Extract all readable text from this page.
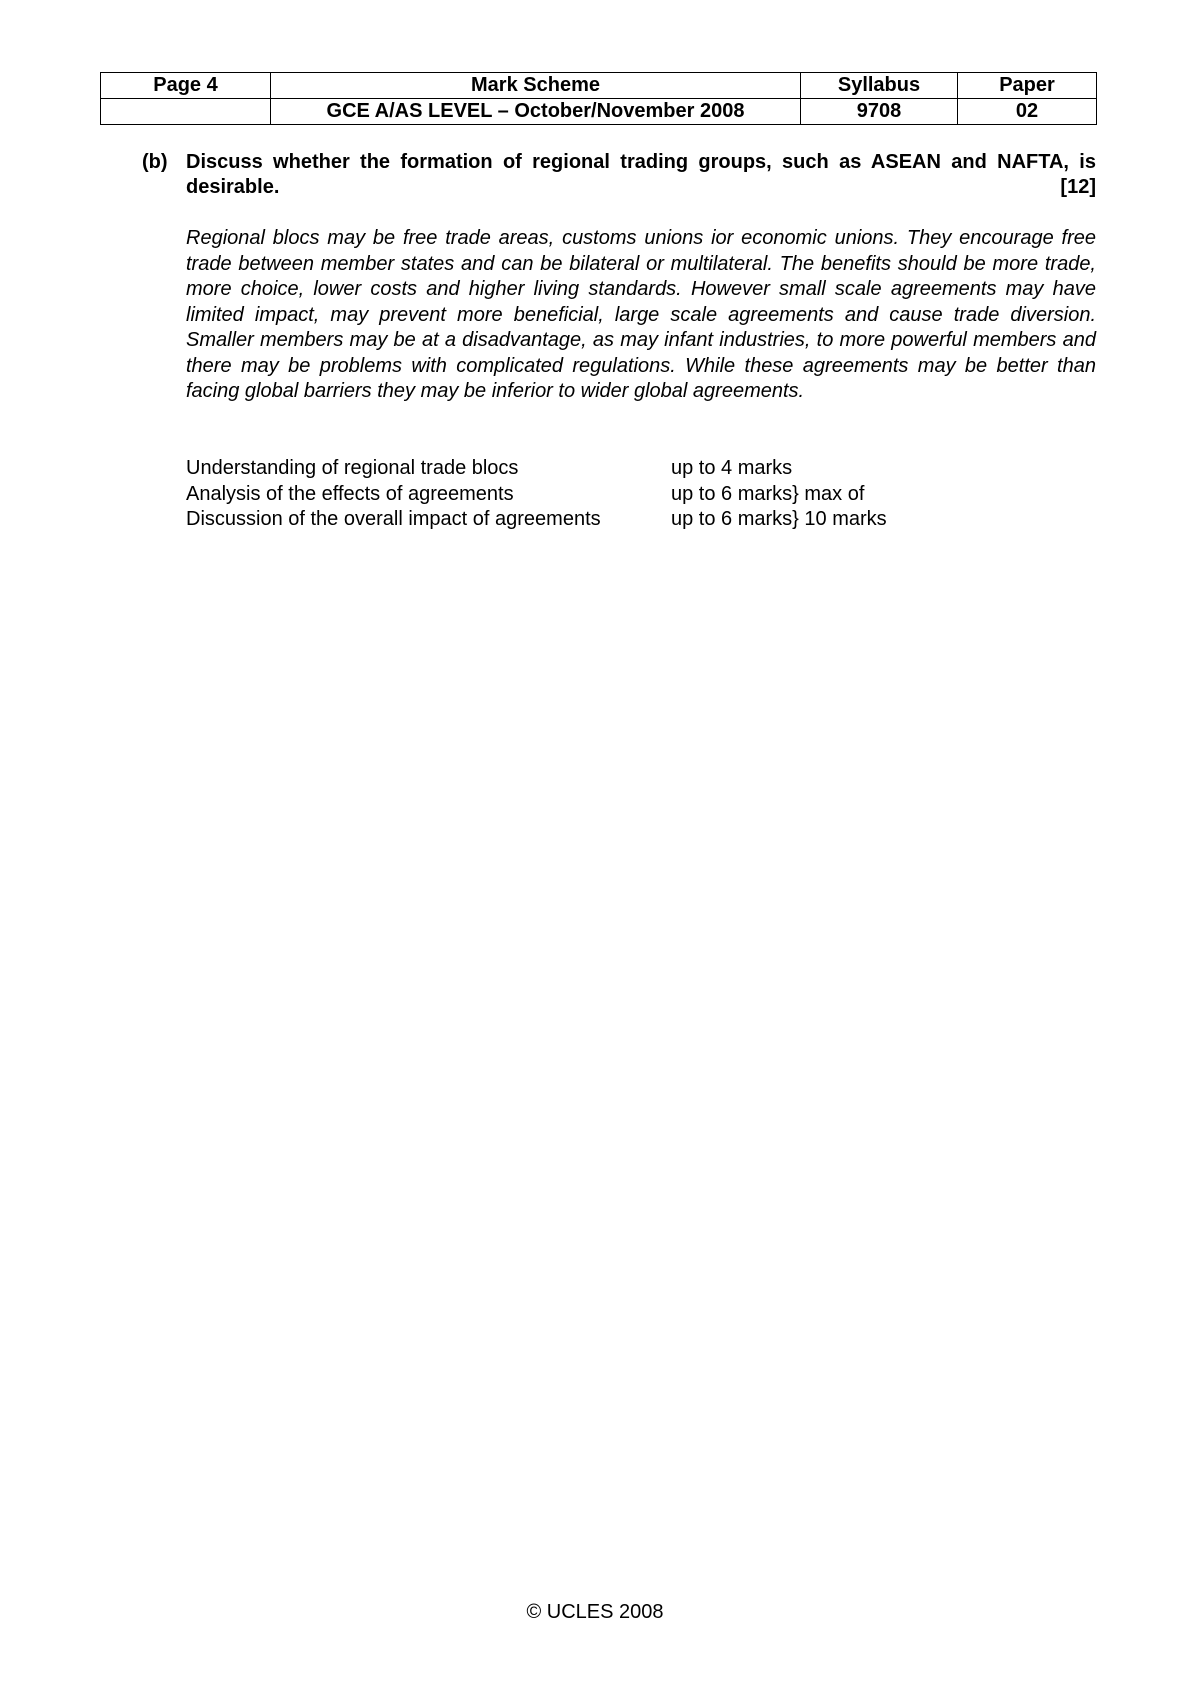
Page 4	Mark Scheme	Syllabus	Paper
	GCE A/AS LEVEL – October/November 2008	9708	02
(b) Discuss whether the formation of regional trading groups, such as ASEAN and NAFTA, is desirable.	[12]
Regional blocs may be free trade areas, customs unions ior economic unions. They encourage free trade between member states and can be bilateral or multilateral. The benefits should be more trade, more choice, lower costs and higher living standards. However small scale agreements may have limited impact, may prevent more beneficial, large scale agreements and cause trade diversion. Smaller members may be at a disadvantage, as may infant industries, to more powerful members and there may be problems with complicated regulations. While these agreements may be better than facing global barriers they may be inferior to wider global agreements.
Understanding of regional trade blocs	up to 4 marks
Analysis of the effects of agreements	up to 6 marks} max of
Discussion of the overall impact of agreements	up to 6 marks} 10 marks
© UCLES 2008
